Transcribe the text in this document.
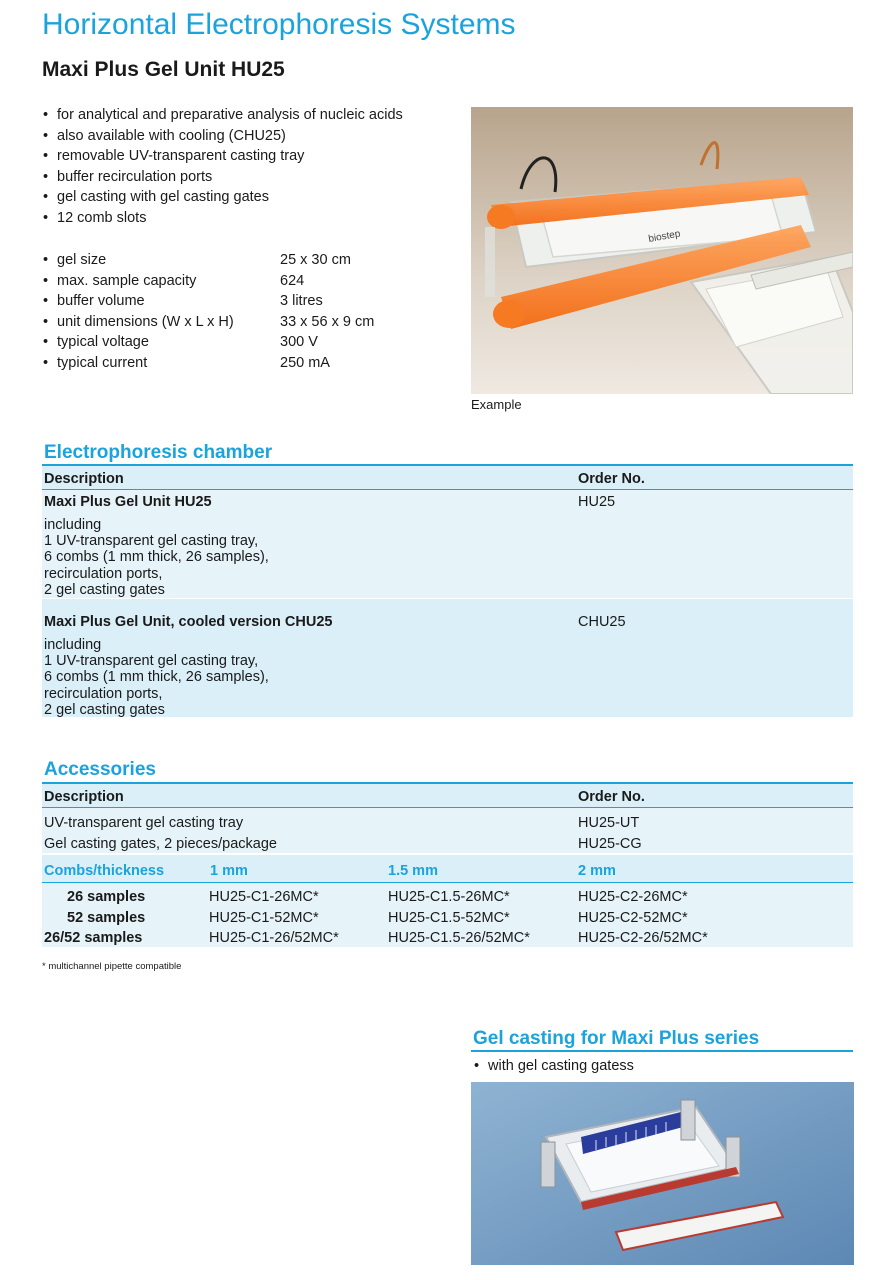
Horizontal Electrophoresis Systems
Maxi Plus Gel Unit HU25
• for analytical and preparative analysis of nucleic acids
• also available with cooling (CHU25)
• removable UV-transparent casting tray
• buffer recirculation ports
• gel casting with gel casting gates
• 12 comb slots
• gel size	25 x 30 cm
• max. sample capacity	624
• buffer volume	3 litres
• unit dimensions (W x L x H)	33 x 56 x 9 cm
• typical voltage	300 V
• typical current	250 mA
biostep
Example
Electrophoresis chamber
Description	Order No.
Maxi Plus Gel Unit HU25	HU25
including
1 UV-transparent gel casting tray,
6 combs (1 mm thick, 26 samples),
recirculation ports,
2 gel casting gates
Maxi Plus Gel Unit, cooled version CHU25	CHU25
including
1 UV-transparent gel casting tray,
6 combs (1 mm thick, 26 samples),
recirculation ports,
2 gel casting gates
Accessories
Description	Order No.
UV-transparent gel casting tray	HU25-UT
Gel casting gates, 2 pieces/package	HU25-CG
Combs/thickness	1 mm	1.5 mm	2 mm
26 samples	HU25-C1-26MC*	HU25-C1.5-26MC*	HU25-C2-26MC*
52 samples	HU25-C1-52MC*	HU25-C1.5-52MC*	HU25-C2-52MC*
26/52 samples	HU25-C1-26/52MC*	HU25-C1.5-26/52MC*	HU25-C2-26/52MC*
* multichannel pipette compatible
Gel casting for Maxi Plus series
• with gel casting gatess
